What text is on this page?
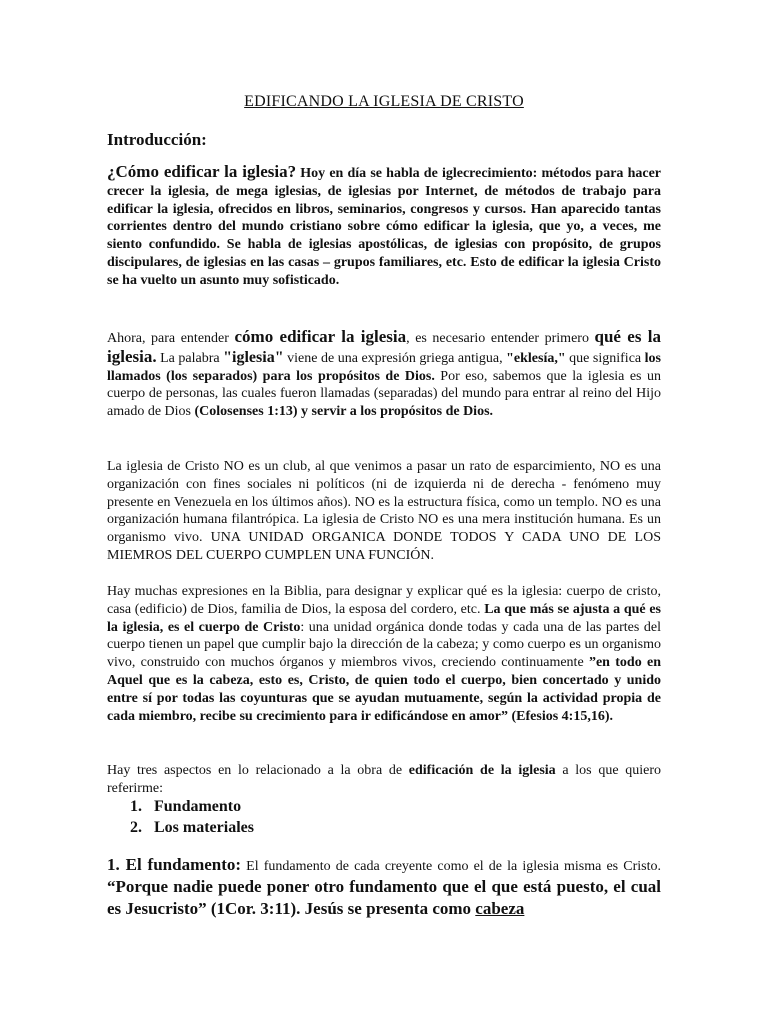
EDIFICANDO LA IGLESIA DE CRISTO
Introducción:
¿Cómo edificar la iglesia? Hoy en día se habla de iglecrecimiento: métodos para hacer crecer la iglesia, de mega iglesias, de iglesias por Internet, de métodos de trabajo para edificar la iglesia, ofrecidos en libros, seminarios, congresos y cursos. Han aparecido tantas corrientes dentro del mundo cristiano sobre cómo edificar la iglesia, que yo, a veces, me siento confundido. Se habla de iglesias apostólicas, de iglesias con propósito, de grupos discipulares, de iglesias en las casas – grupos familiares, etc. Esto de edificar la iglesia Cristo se ha vuelto un asunto muy sofisticado.
Ahora, para entender cómo edificar la iglesia, es necesario entender primero qué es la iglesia. La palabra "iglesia" viene de una expresión griega antigua, "eklesía," que significa los llamados (los separados) para los propósitos de Dios. Por eso, sabemos que la iglesia es un cuerpo de personas, las cuales fueron llamadas (separadas) del mundo para entrar al reino del Hijo amado de Dios (Colosenses 1:13) y servir a los propósitos de Dios.
La iglesia de Cristo NO es un club, al que venimos a pasar un rato de esparcimiento, NO es una organización con fines sociales ni políticos (ni de izquierda ni de derecha - fenómeno muy presente en Venezuela en los últimos años). NO es la estructura física, como un templo. NO es una organización humana filantrópica. La iglesia de Cristo NO es una mera institución humana. Es un organismo vivo. UNA UNIDAD ORGANICA DONDE TODOS Y CADA UNO DE LOS MIEMROS DEL CUERPO CUMPLEN UNA FUNCIÓN.
Hay muchas expresiones en la Biblia, para designar y explicar qué es la iglesia: cuerpo de cristo, casa (edificio) de Dios, familia de Dios, la esposa del cordero, etc. La que más se ajusta a qué es la iglesia, es el cuerpo de Cristo: una unidad orgánica donde todas y cada una de las partes del cuerpo tienen un papel que cumplir bajo la dirección de la cabeza; y como cuerpo es un organismo vivo, construido con muchos órganos y miembros vivos, creciendo continuamente ”en todo en Aquel que es la cabeza, esto es, Cristo, de quien todo el cuerpo, bien concertado y unido entre sí por todas las coyunturas que se ayudan mutuamente, según la actividad propia de cada miembro, recibe su crecimiento para ir edificándose en amor” (Efesios 4:15,16).
Hay tres aspectos en lo relacionado a la obra de edificación de la iglesia a los que quiero referirme:
1. Fundamento
2. Los materiales
1. El fundamento: El fundamento de cada creyente como el de la iglesia misma es Cristo. “Porque nadie puede poner otro fundamento que el que está puesto, el cual es Jesucristo” (1Cor. 3:11). Jesús se presenta como cabeza
